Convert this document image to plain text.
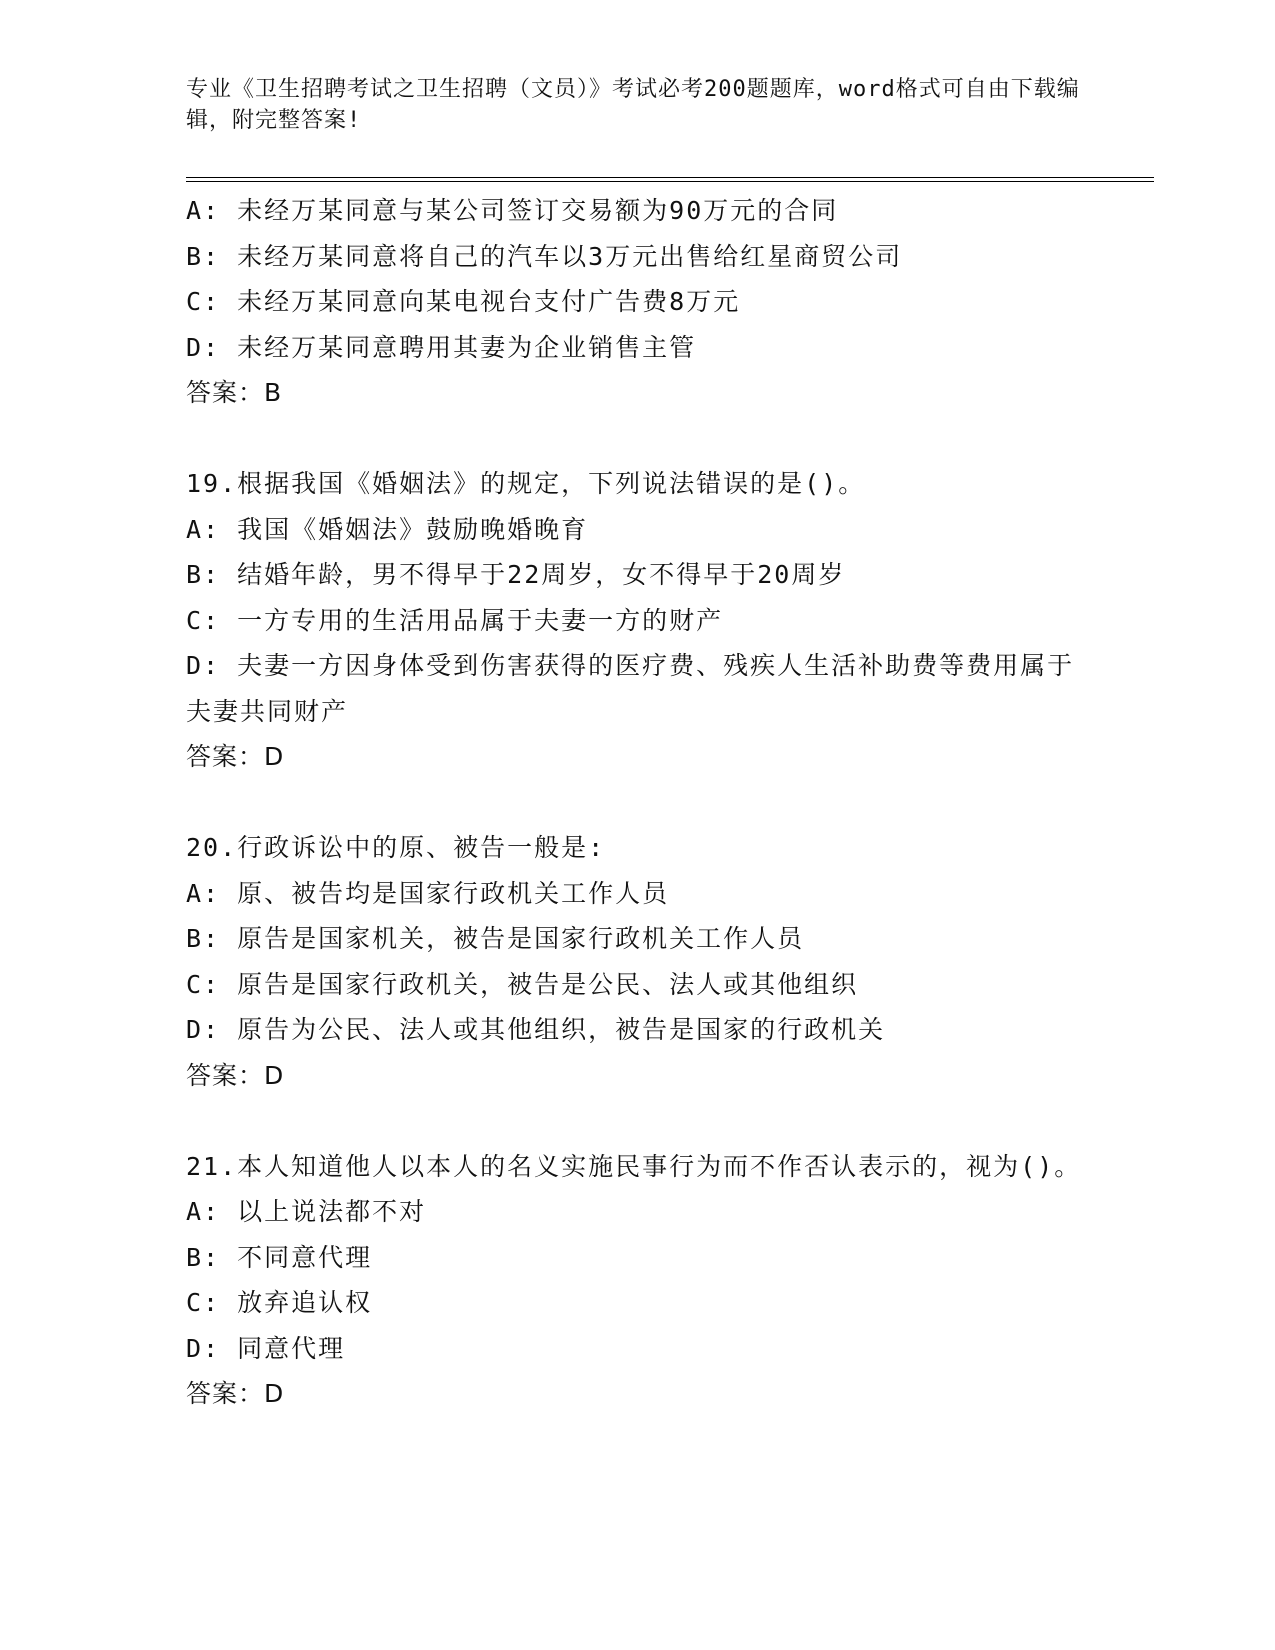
专业《卫生招聘考试之卫生招聘（文员）》考试必考200题题库，word格式可自由下载编辑，附完整答案!

A: 未经万某同意与某公司签订交易额为90万元的合同

B: 未经万某同意将自己的汽车以3万元出售给红星商贸公司

C: 未经万某同意向某电视台支付广告费8万元

D: 未经万某同意聘用其妻为企业销售主管

答案：B

19.根据我国《婚姻法》的规定，下列说法错误的是()。

A: 我国《婚姻法》鼓励晚婚晚育

B: 结婚年龄，男不得早于22周岁，女不得早于20周岁

C: 一方专用的生活用品属于夫妻一方的财产

D: 夫妻一方因身体受到伤害获得的医疗费、残疾人生活补助费等费用属于夫妻共同财产

答案：D

20.行政诉讼中的原、被告一般是:

A: 原、被告均是国家行政机关工作人员

B: 原告是国家机关，被告是国家行政机关工作人员

C: 原告是国家行政机关，被告是公民、法人或其他组织

D: 原告为公民、法人或其他组织，被告是国家的行政机关

答案：D

21.本人知道他人以本人的名义实施民事行为而不作否认表示的，视为()。

A: 以上说法都不对

B: 不同意代理

C: 放弃追认权

D: 同意代理

答案：D
